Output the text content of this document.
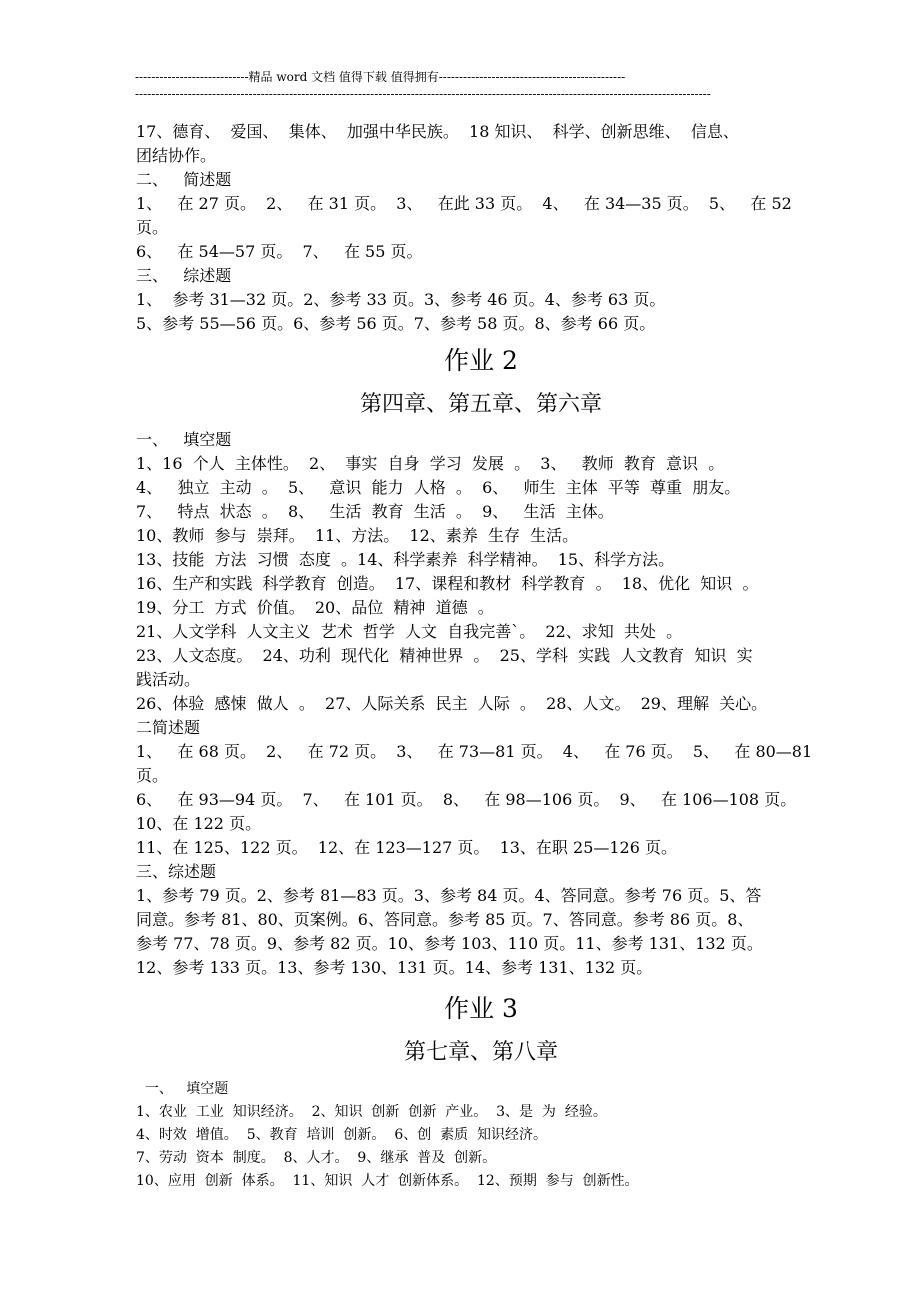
----------------------------精品 word 文档 值得下载 值得拥有----------------------------------------------
----------------------------------------------------------------------------------------------------------------------------------------------

17、德育、  爱国、  集体、  加强中华民族。  18 知识、  科学、创新思维、  信息、

团结协作。

二、   简述题

1、   在 27 页。  2、   在 31 页。  3、   在此 33 页。  4、   在 34—35 页。  5、   在 52 页。

6、   在 54—57 页。  7、   在 55 页。

三、   综述题

1、  参考 31—32 页。2、参考 33 页。3、参考 46 页。4、参考 63 页。

5、参考 55—56 页。6、参考 56 页。7、参考 58 页。8、参考 66 页。

作业 2

第四章、第五章、第六章

一、   填空题

1、16  个人  主体性。  2、  事实  自身  学习  发展  。  3、   教师  教育  意识  。

4、   独立  主动  。  5、   意识  能力  人格  。  6、   师生  主体  平等  尊重  朋友。

7、   特点  状态  。  8、   生活  教育  生活  。  9、   生活  主体。

10、教师  参与  崇拜。  11、方法。  12、素养  生存  生活。

13、技能  方法  习惯  态度  。14、科学素养  科学精神。  15、科学方法。

16、生产和实践  科学教育  创造。  17、课程和教材  科学教育  。  18、优化  知识  。

19、分工  方式  价值。  20、品位  精神  道德  。

21、人文学科  人文主义  艺术  哲学  人文  自我完善`。  22、求知  共处  。

23、人文态度。  24、功利  现代化  精神世界  。  25、学科  实践  人文教育  知识  实

践活动。

26、体验  感悚  做人  。  27、人际关系  民主  人际  。  28、人文。  29、理解  关心。

二简述题

1、   在 68 页。  2、   在 72 页。  3、   在 73—81 页。  4、   在 76 页。  5、   在 80—81

页。

6、   在 93—94 页。  7、   在 101 页。  8、   在 98—106 页。  9、   在 106—108 页。

10、在 122 页。

11、在 125、122 页。  12、在 123—127 页。  13、在职 25—126 页。

三、综述题

1、参考 79 页。2、参考 81—83 页。3、参考 84 页。4、答同意。参考 76 页。5、答

同意。参考 81、80、页案例。6、答同意。参考 85 页。7、答同意。参考 86 页。8、

参考 77、78 页。9、参考 82 页。10、参考 103、110 页。11、参考 131、132 页。

12、参考 133 页。13、参考 130、131 页。14、参考 131、132 页。

作业 3

第七章、第八章

一、   填空题

1、农业  工业  知识经济。  2、知识  创新  创新  产业。  3、是  为  经验。

4、时效  增值。  5、教育  培训  创新。  6、创  素质  知识经济。

7、劳动  资本  制度。  8、人才。  9、继承  普及  创新。

10、应用  创新  体系。  11、知识  人才  创新体系。  12、预期  参与  创新性。
